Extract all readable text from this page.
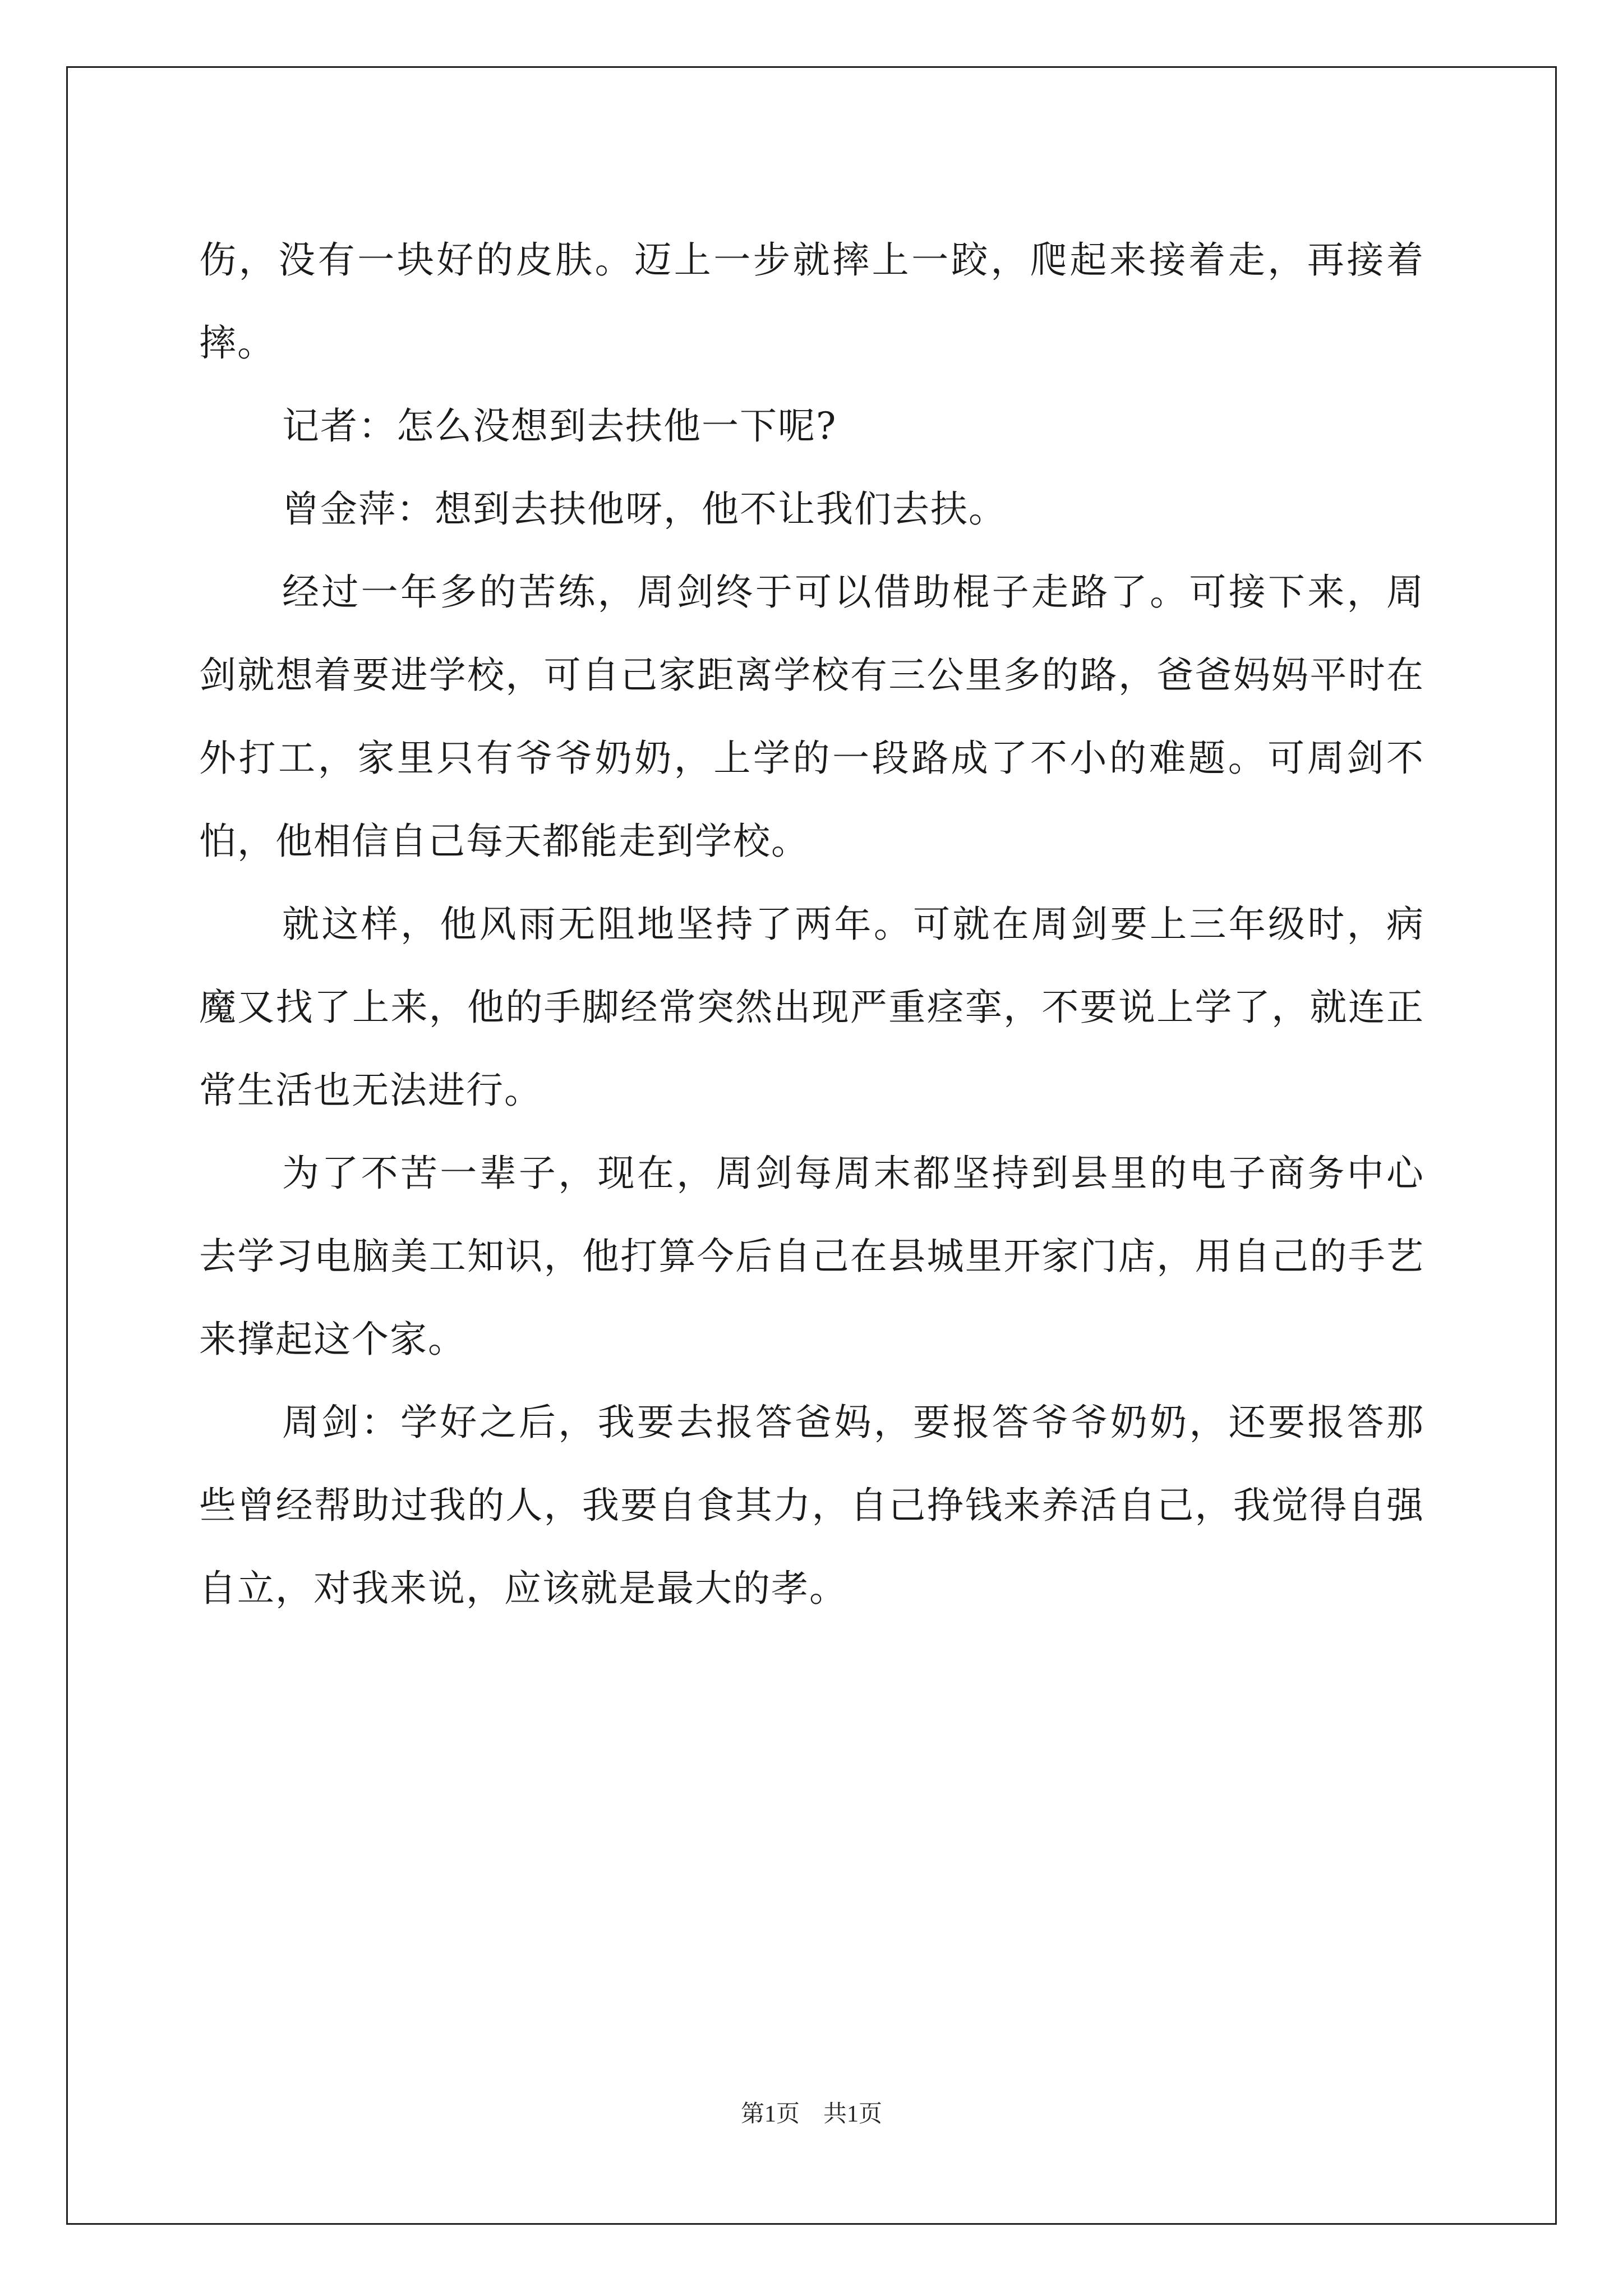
伤，没有一块好的皮肤。迈上一步就摔上一跤，爬起来接着走，再接着摔。

记者：怎么没想到去扶他一下呢?

曾金萍：想到去扶他呀，他不让我们去扶。

经过一年多的苦练，周剑终于可以借助棍子走路了。可接下来，周剑就想着要进学校，可自己家距离学校有三公里多的路，爸爸妈妈平时在外打工，家里只有爷爷奶奶，上学的一段路成了不小的难题。可周剑不怕，他相信自己每天都能走到学校。

就这样，他风雨无阻地坚持了两年。可就在周剑要上三年级时，病魔又找了上来，他的手脚经常突然出现严重痉挛，不要说上学了，就连正常生活也无法进行。

为了不苦一辈子，现在，周剑每周末都坚持到县里的电子商务中心去学习电脑美工知识，他打算今后自己在县城里开家门店，用自己的手艺来撑起这个家。

周剑：学好之后，我要去报答爸妈，要报答爷爷奶奶，还要报答那些曾经帮助过我的人，我要自食其力，自己挣钱来养活自己，我觉得自强自立，对我来说，应该就是最大的孝。

第1页 共1页
